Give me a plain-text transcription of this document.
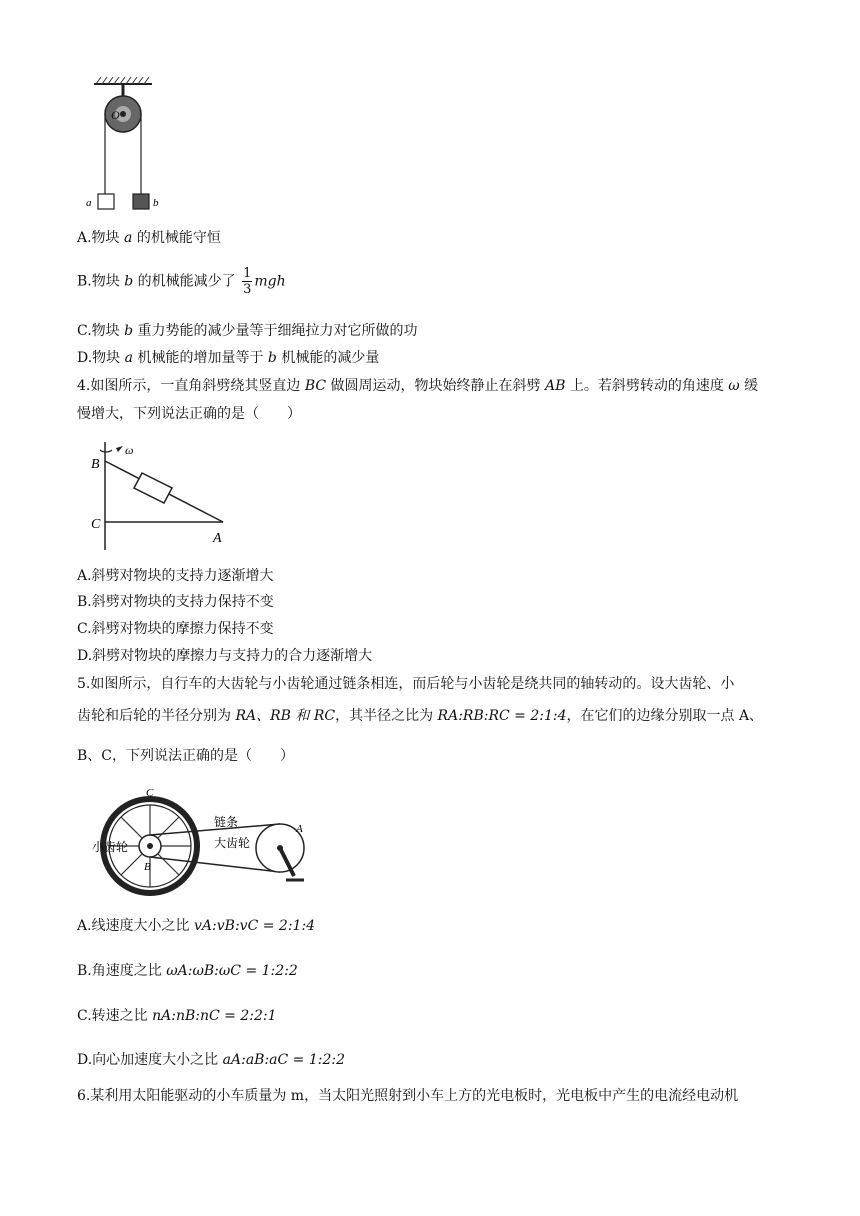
O
a	b
A.物块 a 的机械能守恒
B.物块 b 的机械能减少了 $\frac{1}{3}$ mgh
C.物块 b 重力势能的减少量等于细绳拉力对它所做的功
D.物块 a 机械能的增加量等于 b 机械能的减少量
4.如图所示，一直角斜劈绕其竖直边 BC 做圆周运动，物块始终静止在斜劈 AB 上。若斜劈转动的角速度 ω 缓
慢增大，下列说法正确的是（　　）
ω
B
C
A
A.斜劈对物块的支持力逐渐增大
B.斜劈对物块的支持力保持不变
C.斜劈对物块的摩擦力保持不变
D.斜劈对物块的摩擦力与支持力的合力逐渐增大
5.如图所示，自行车的大齿轮与小齿轮通过链条相连，而后轮与小齿轮是绕共同的轴转动的。设大齿轮、小
齿轮和后轮的半径分别为 RA、RB 和 RC，其半径之比为 RA:RB:RC = 2:1:4，在它们的边缘分别取一点 A、
B、C，下列说法正确的是（　　）
C
A
B
链条
大齿轮
小齿轮
A.线速度大小之比 vA:vB:vC = 2:1:4
B.角速度之比 ωA:ωB:ωC = 1:2:2
C.转速之比 nA:nB:nC = 2:2:1
D.向心加速度大小之比 aA:aB:aC = 1:2:2
6.某利用太阳能驱动的小车质量为 m，当太阳光照射到小车上方的光电板时，光电板中产生的电流经电动机
